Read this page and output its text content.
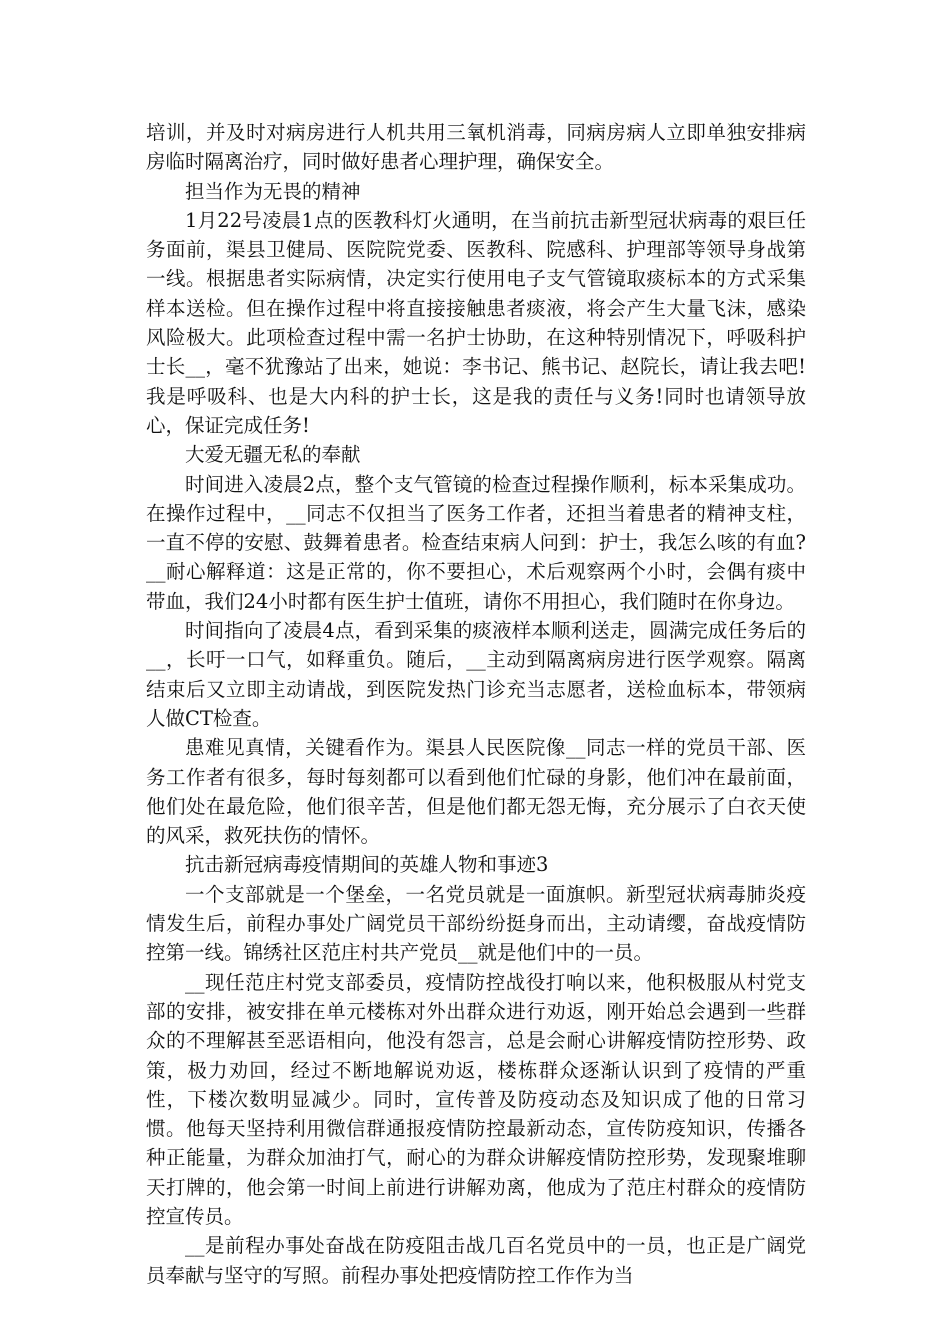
培训，并及时对病房进行人机共用三氧机消毒，同病房病人立即单独安排病房临时隔离治疗，同时做好患者心理护理，确保安全。

担当作为无畏的精神

1月22号凌晨1点的医教科灯火通明，在当前抗击新型冠状病毒的艰巨任务面前，渠县卫健局、医院院党委、医教科、院感科、护理部等领导身战第一线。根据患者实际病情，决定实行使用电子支气管镜取痰标本的方式采集样本送检。但在操作过程中将直接接触患者痰液，将会产生大量飞沫，感染风险极大。此项检查过程中需一名护士协助，在这种特别情况下，呼吸科护士长__，毫不犹豫站了出来，她说：李书记、熊书记、赵院长，请让我去吧!我是呼吸科、也是大内科的护士长，这是我的责任与义务!同时也请领导放心，保证完成任务!

大爱无疆无私的奉献

时间进入凌晨2点，整个支气管镜的检查过程操作顺利，标本采集成功。在操作过程中，__同志不仅担当了医务工作者，还担当着患者的精神支柱，一直不停的安慰、鼓舞着患者。检查结束病人问到：护士，我怎么咳的有血?__耐心解释道：这是正常的，你不要担心，术后观察两个小时，会偶有痰中带血，我们24小时都有医生护士值班，请你不用担心，我们随时在你身边。

时间指向了凌晨4点，看到采集的痰液样本顺利送走，圆满完成任务后的__，长吁一口气，如释重负。随后，__主动到隔离病房进行医学观察。隔离结束后又立即主动请战，到医院发热门诊充当志愿者，送检血标本，带领病人做CT检查。

患难见真情，关键看作为。渠县人民医院像__同志一样的党员干部、医务工作者有很多，每时每刻都可以看到他们忙碌的身影，他们冲在最前面，他们处在最危险，他们很辛苦，但是他们都无怨无悔，充分展示了白衣天使的风采，救死扶伤的情怀。

抗击新冠病毒疫情期间的英雄人物和事迹3

一个支部就是一个堡垒，一名党员就是一面旗帜。新型冠状病毒肺炎疫情发生后，前程办事处广阔党员干部纷纷挺身而出，主动请缨，奋战疫情防控第一线。锦绣社区范庄村共产党员__就是他们中的一员。

__现任范庄村党支部委员，疫情防控战役打响以来，他积极服从村党支部的安排，被安排在单元楼栋对外出群众进行劝返，刚开始总会遇到一些群众的不理解甚至恶语相向，他没有怨言，总是会耐心讲解疫情防控形势、政策，极力劝回，经过不断地解说劝返，楼栋群众逐渐认识到了疫情的严重性，下楼次数明显减少。同时，宣传普及防疫动态及知识成了他的日常习惯。他每天坚持利用微信群通报疫情防控最新动态，宣传防疫知识，传播各种正能量，为群众加油打气，耐心的为群众讲解疫情防控形势，发现聚堆聊天打牌的，他会第一时间上前进行讲解劝离，他成为了范庄村群众的疫情防控宣传员。

__是前程办事处奋战在防疫阻击战几百名党员中的一员，也正是广阔党员奉献与坚守的写照。前程办事处把疫情防控工作作为当
